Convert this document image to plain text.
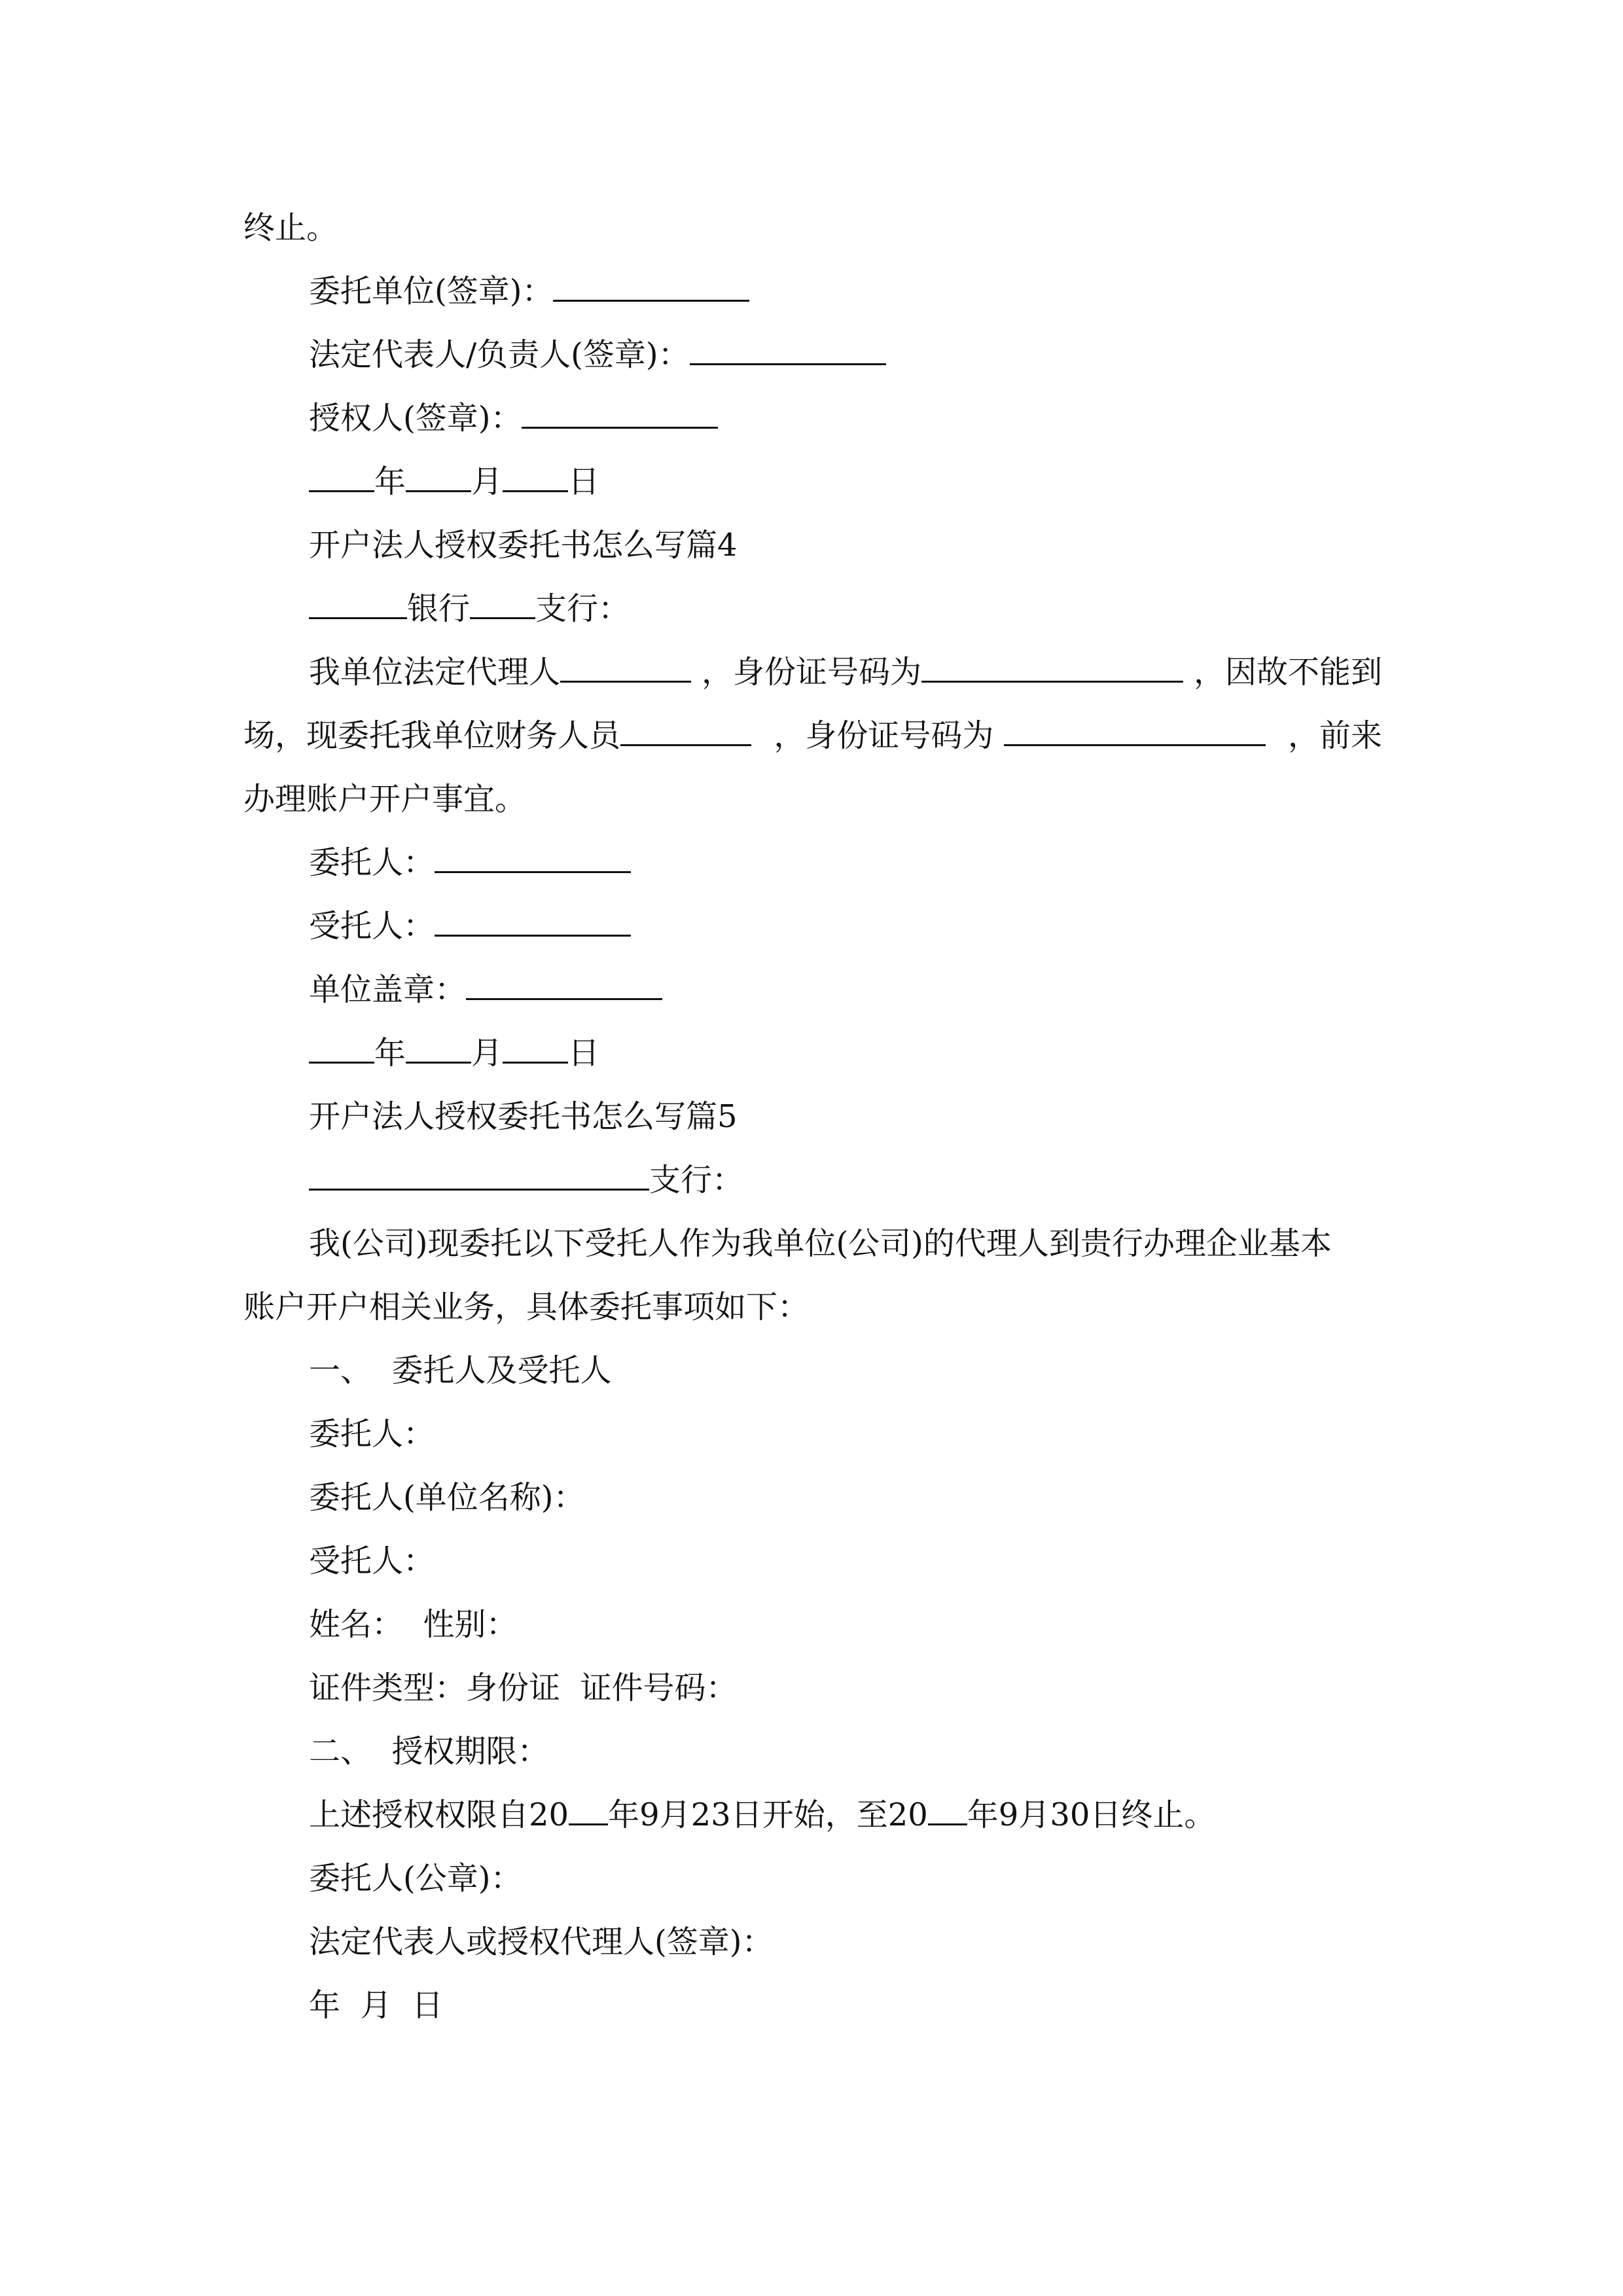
终止。
委托单位(签章)：
法定代表人/负责人(签章)：
授权人(签章)：
年 月 日
开户法人授权委托书怎么写篇4
银行 支行：
我单位法定代理人	，身份证号码为	，因故不能到
场，现委托我单位财务人员	，身份证号码为	，前来
办理账户开户事宜。
委托人：
受托人：
单位盖章：
年 月 日
开户法人授权委托书怎么写篇5
支行：
我(公司)现委托以下受托人作为我单位(公司)的代理人到贵行办理企业基本
账户开户相关业务，具体委托事项如下：
一、  委托人及受托人
委托人：
委托人(单位名称)：
受托人：
姓名：  性别：
证件类型：身份证  证件号码：
二、  授权期限：
上述授权权限自20 年9月23日开始，至20 年9月30日终止。
委托人(公章)：
法定代表人或授权代理人(签章)：
年  月  日
